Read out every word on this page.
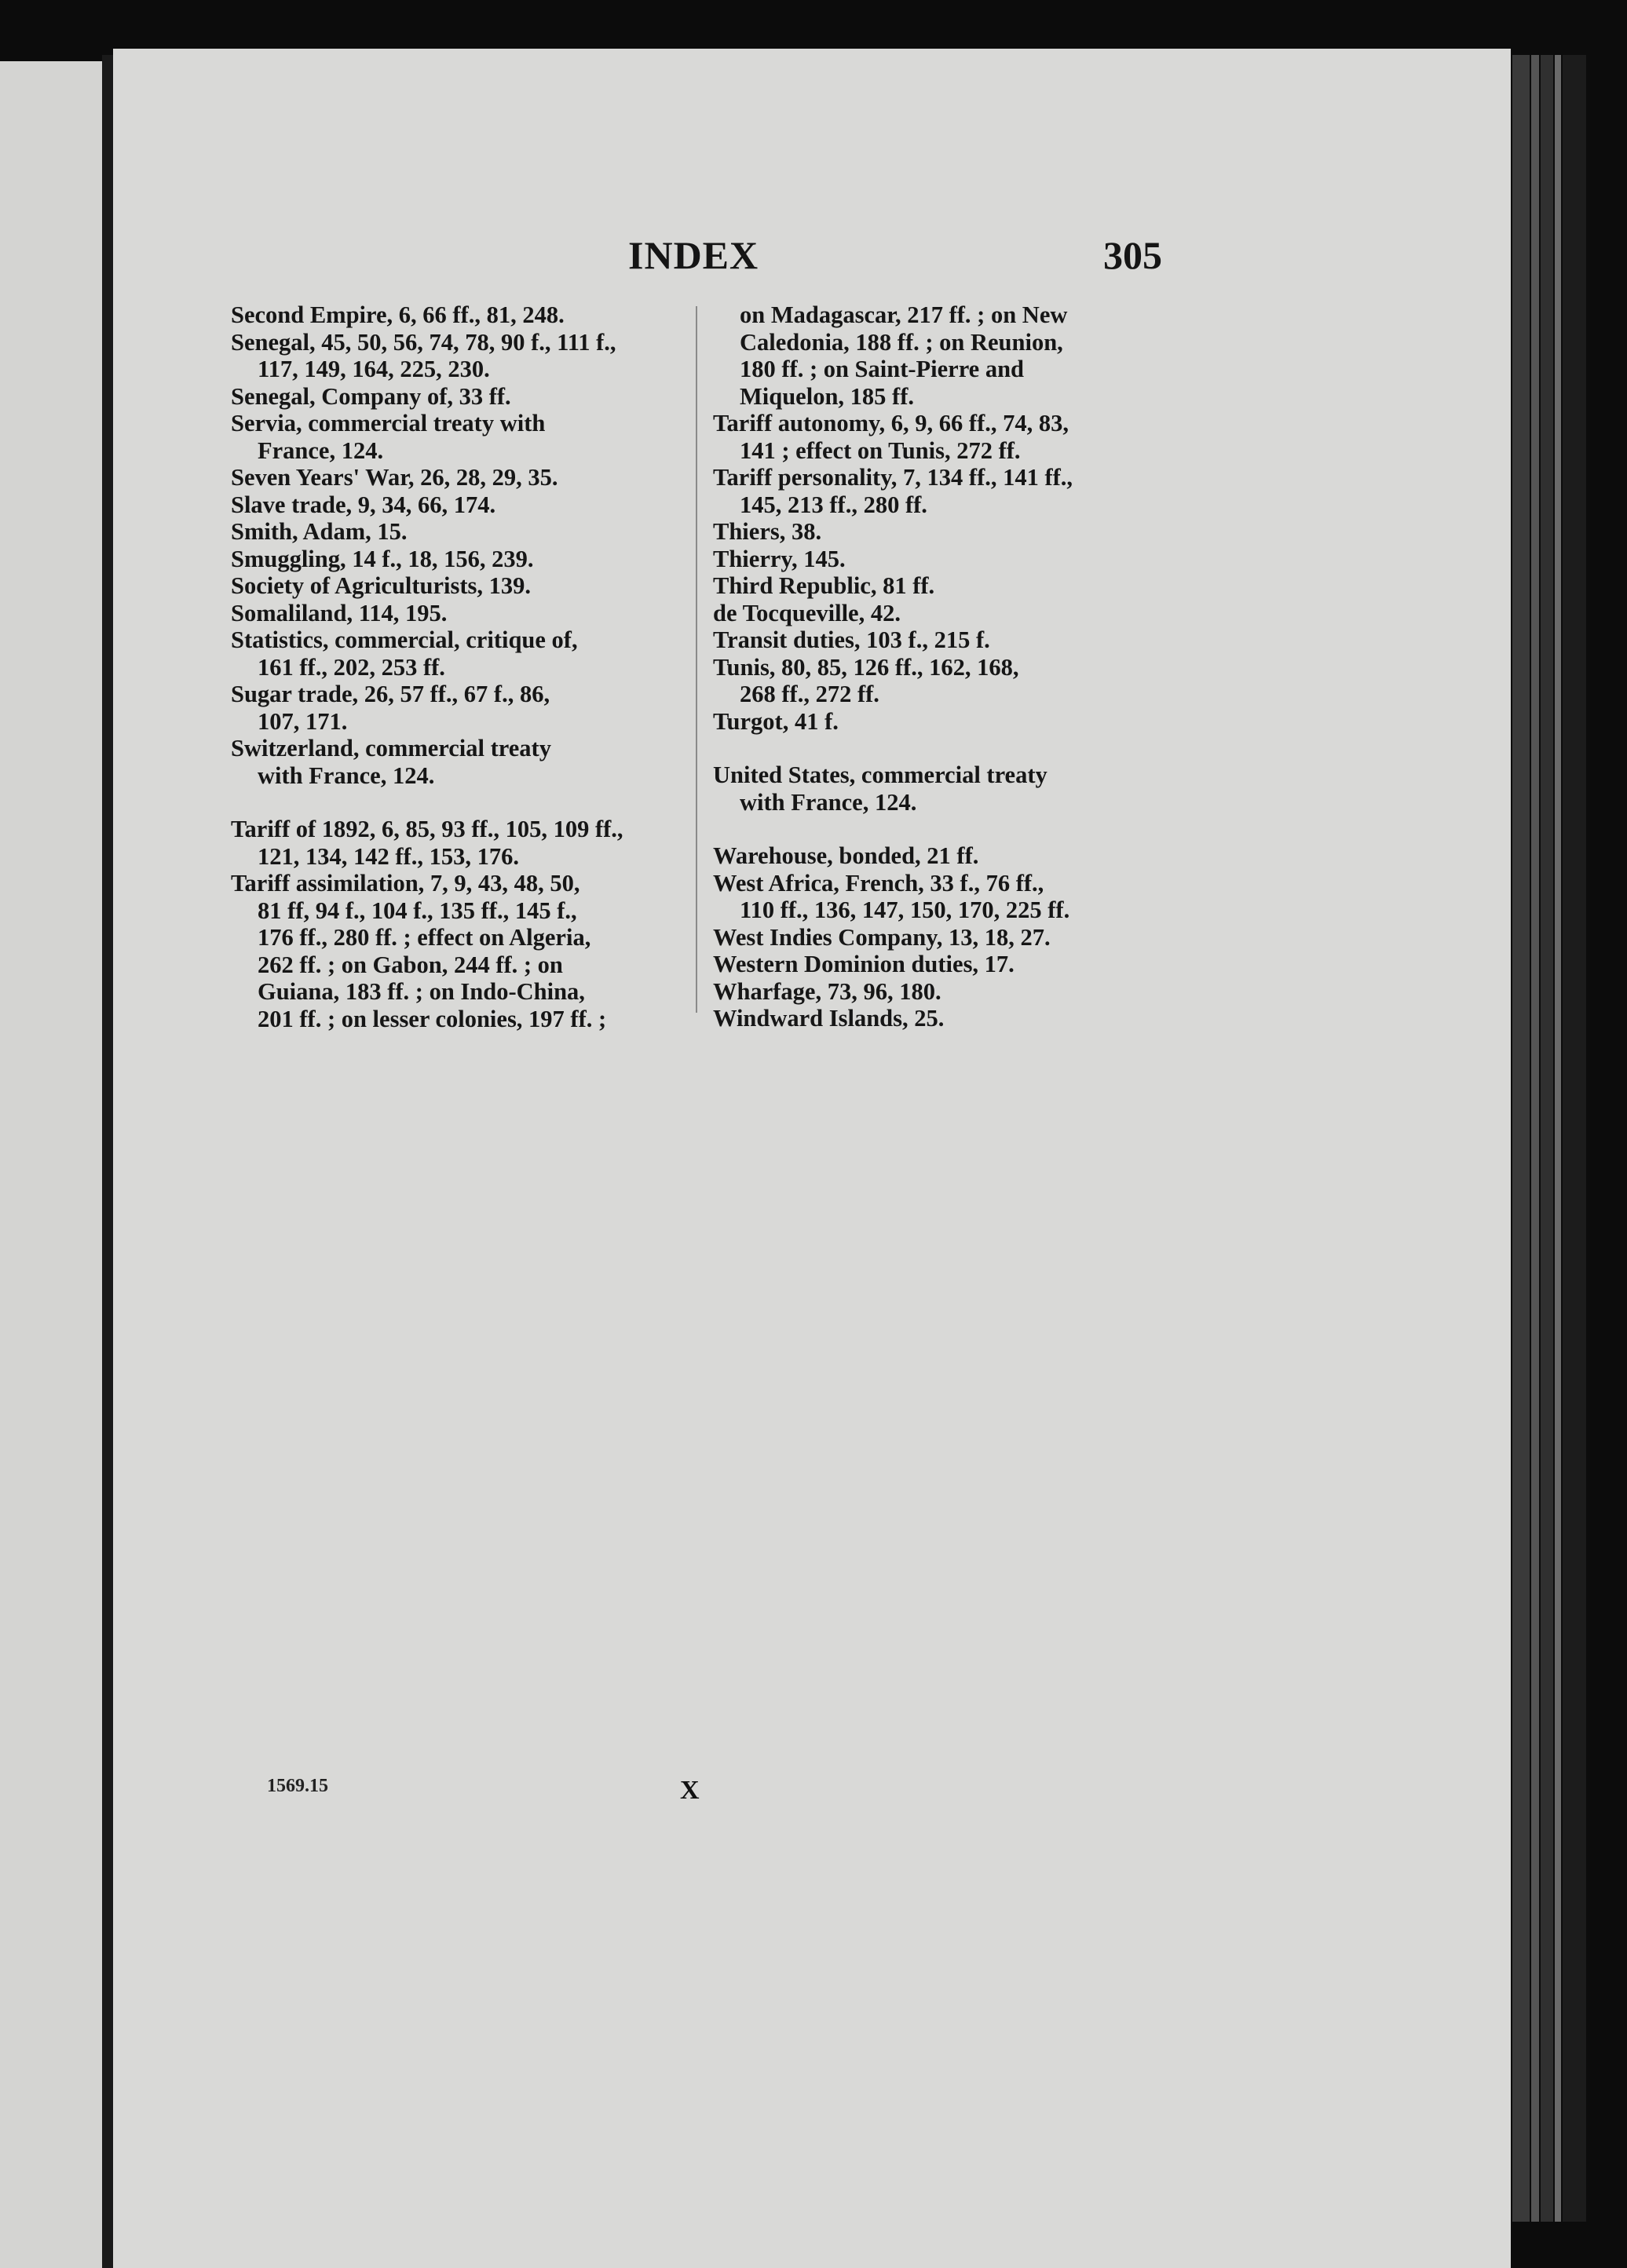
INDEX	305
Second Empire, 6, 66 ff., 81, 248.
Senegal, 45, 50, 56, 74, 78, 90 f., 111 f.,
117, 149, 164, 225, 230.
Senegal, Company of, 33 ff.
Servia, commercial treaty with
France, 124.
Seven Years' War, 26, 28, 29, 35.
Slave trade, 9, 34, 66, 174.
Smith, Adam, 15.
Smuggling, 14 f., 18, 156, 239.
Society of Agriculturists, 139.
Somaliland, 114, 195.
Statistics, commercial, critique of,
161 ff., 202, 253 ff.
Sugar trade, 26, 57 ff., 67 f., 86,
107, 171.
Switzerland, commercial treaty
with France, 124.
Tariff of 1892, 6, 85, 93 ff., 105, 109 ff.,
121, 134, 142 ff., 153, 176.
Tariff assimilation, 7, 9, 43, 48, 50,
81 ff, 94 f., 104 f., 135 ff., 145 f.,
176 ff., 280 ff. ; effect on Algeria,
262 ff. ; on Gabon, 244 ff. ; on
Guiana, 183 ff. ; on Indo-China,
201 ff. ; on lesser colonies, 197 ff. ;
on Madagascar, 217 ff. ; on New
Caledonia, 188 ff. ; on Reunion,
180 ff. ; on Saint-Pierre and
Miquelon, 185 ff.
Tariff autonomy, 6, 9, 66 ff., 74, 83,
141 ; effect on Tunis, 272 ff.
Tariff personality, 7, 134 ff., 141 ff.,
145, 213 ff., 280 ff.
Thiers, 38.
Thierry, 145.
Third Republic, 81 ff.
de Tocqueville, 42.
Transit duties, 103 f., 215 f.
Tunis, 80, 85, 126 ff., 162, 168,
268 ff., 272 ff.
Turgot, 41 f.
United States, commercial treaty
with France, 124.
Warehouse, bonded, 21 ff.
West Africa, French, 33 f., 76 ff.,
110 ff., 136, 147, 150, 170, 225 ff.
West Indies Company, 13, 18, 27.
Western Dominion duties, 17.
Wharfage, 73, 96, 180.
Windward Islands, 25.
1569.15	X
